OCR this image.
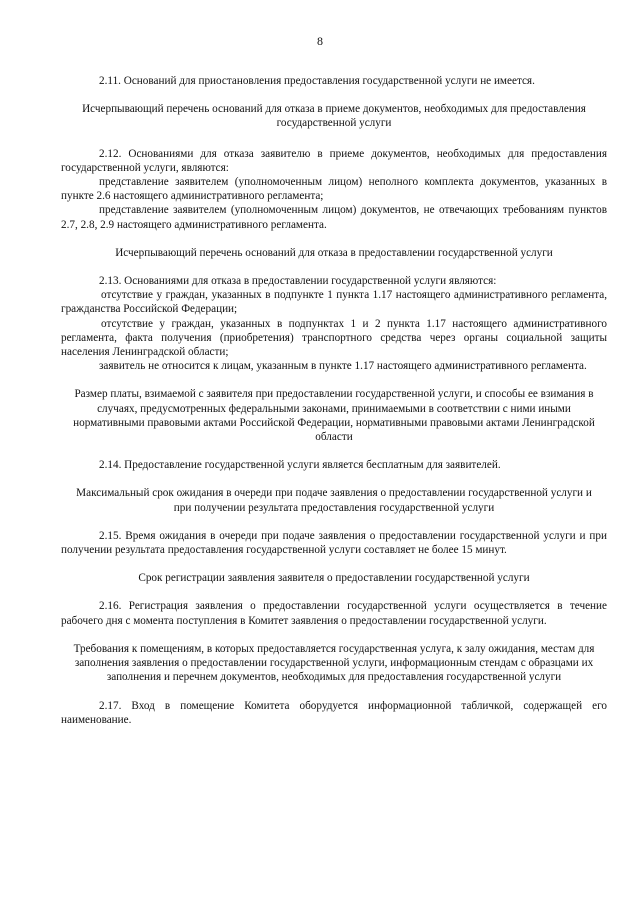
8

2.11. Оснований для приостановления предоставления государственной услуги не имеется.

Исчерпывающий перечень оснований для отказа в приеме документов, необходимых для предоставления государственной услуги

2.12. Основаниями для отказа заявителю в приеме документов, необходимых для предоставления государственной услуги, являются:

представление заявителем (уполномоченным лицом) неполного комплекта документов, указанных в пункте 2.6 настоящего административного регламента;

представление заявителем (уполномоченным лицом) документов, не отвечающих требованиям пунктов 2.7, 2.8, 2.9 настоящего административного регламента.

Исчерпывающий перечень оснований для отказа в предоставлении государственной услуги

2.13. Основаниями для отказа в предоставлении государственной услуги являются:

отсутствие у граждан, указанных в подпункте 1 пункта 1.17 настоящего административного регламента, гражданства Российской Федерации;

отсутствие у граждан, указанных в подпунктах 1 и 2 пункта 1.17 настоящего административного регламента, факта получения (приобретения) транспортного средства через органы социальной защиты населения Ленинградской области;

заявитель не относится к лицам, указанным в пункте 1.17 настоящего административного регламента.

Размер платы, взимаемой с заявителя при предоставлении государственной услуги, и способы ее взимания в случаях, предусмотренных федеральными законами, принимаемыми в соответствии с ними иными нормативными правовыми актами Российской Федерации, нормативными правовыми актами Ленинградской области

2.14. Предоставление государственной услуги является бесплатным для заявителей.

Максимальный срок ожидания в очереди при подаче заявления о предоставлении государственной услуги и при получении результата предоставления государственной услуги

2.15. Время ожидания в очереди при подаче заявления о предоставлении государственной услуги и при получении результата предоставления государственной услуги составляет не более 15 минут.

Срок регистрации заявления заявителя о предоставлении государственной услуги

2.16. Регистрация заявления о предоставлении государственной услуги осуществляется в течение рабочего дня с момента поступления в Комитет заявления о предоставлении государственной услуги.

Требования к помещениям, в которых предоставляется государственная услуга, к залу ожидания, местам для заполнения заявления о предоставлении государственной услуги, информационным стендам с образцами их заполнения и перечнем документов, необходимых для предоставления государственной услуги

2.17. Вход в помещение Комитета оборудуется информационной табличкой, содержащей его наименование.
